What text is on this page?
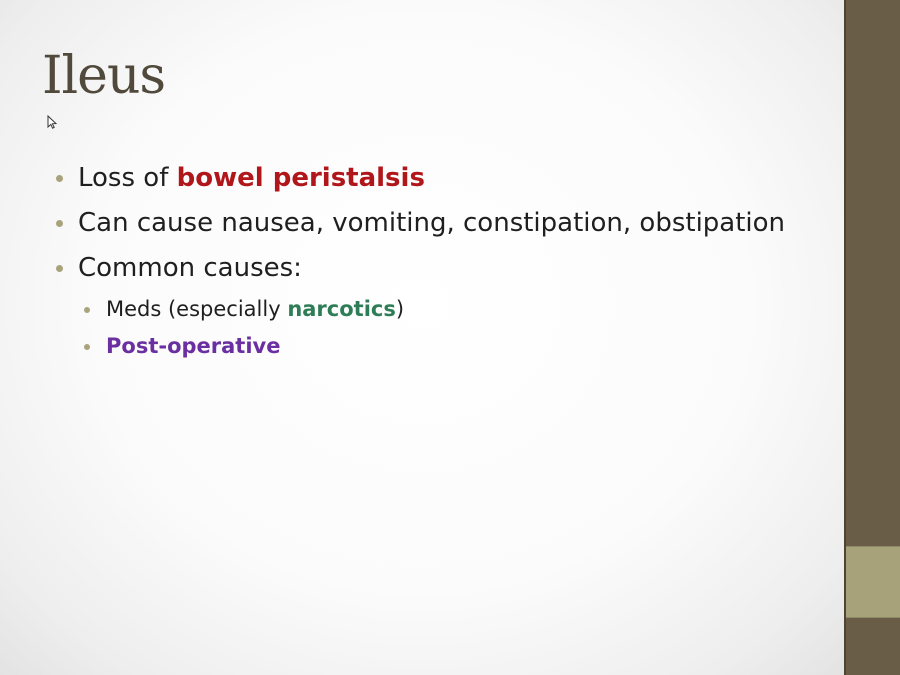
Ileus
Loss of bowel peristalsis
Can cause nausea, vomiting, constipation, obstipation
Common causes:
Meds (especially narcotics)
Post-operative
